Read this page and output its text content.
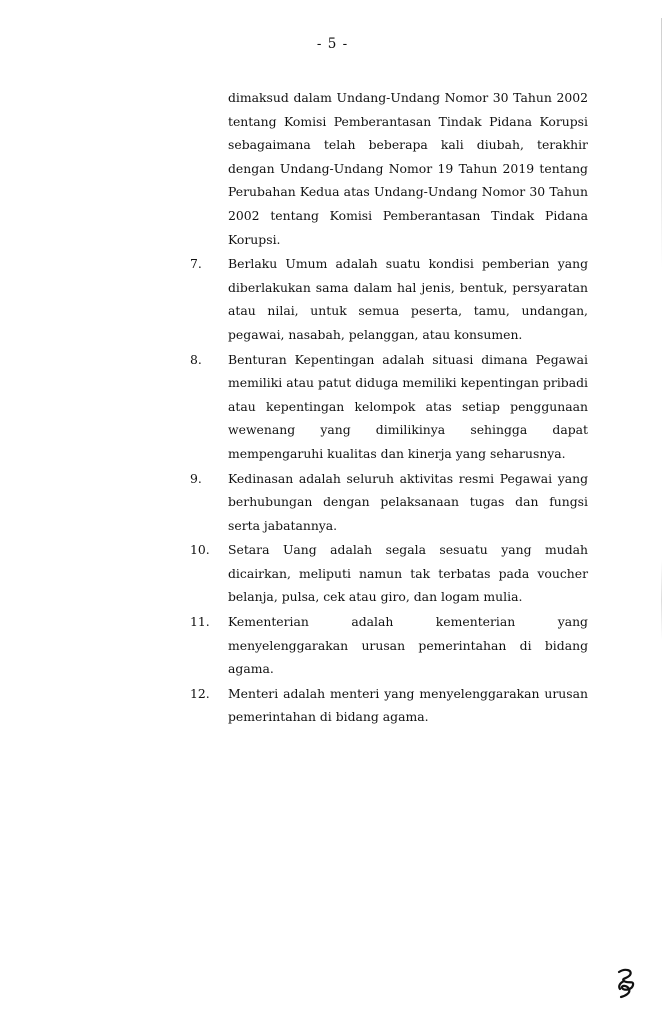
- 5 -
dimaksud dalam Undang-Undang Nomor 30 Tahun 2002 tentang Komisi Pemberantasan Tindak Pidana Korupsi sebagaimana telah beberapa kali diubah, terakhir dengan Undang-Undang Nomor 19 Tahun 2019 tentang Perubahan Kedua atas Undang-Undang Nomor 30 Tahun 2002 tentang Komisi Pemberantasan Tindak Pidana Korupsi.
7.	Berlaku Umum adalah suatu kondisi pemberian yang diberlakukan sama dalam hal jenis, bentuk, persyaratan atau nilai, untuk semua peserta, tamu, undangan, pegawai, nasabah, pelanggan, atau konsumen.
8.	Benturan Kepentingan adalah situasi dimana Pegawai memiliki atau patut diduga memiliki kepentingan pribadi atau kepentingan kelompok atas setiap penggunaan wewenang yang dimilikinya sehingga dapat mempengaruhi kualitas dan kinerja yang seharusnya.
9.	Kedinasan adalah seluruh aktivitas resmi Pegawai yang berhubungan dengan pelaksanaan tugas dan fungsi serta jabatannya.
10.	Setara Uang adalah segala sesuatu yang mudah dicairkan, meliputi namun tak terbatas pada voucher belanja, pulsa, cek atau giro, dan logam mulia.
11.	Kementerian adalah kementerian yang menyelenggarakan urusan pemerintahan di bidang agama.
12.	Menteri adalah menteri yang menyelenggarakan urusan pemerintahan di bidang agama.
